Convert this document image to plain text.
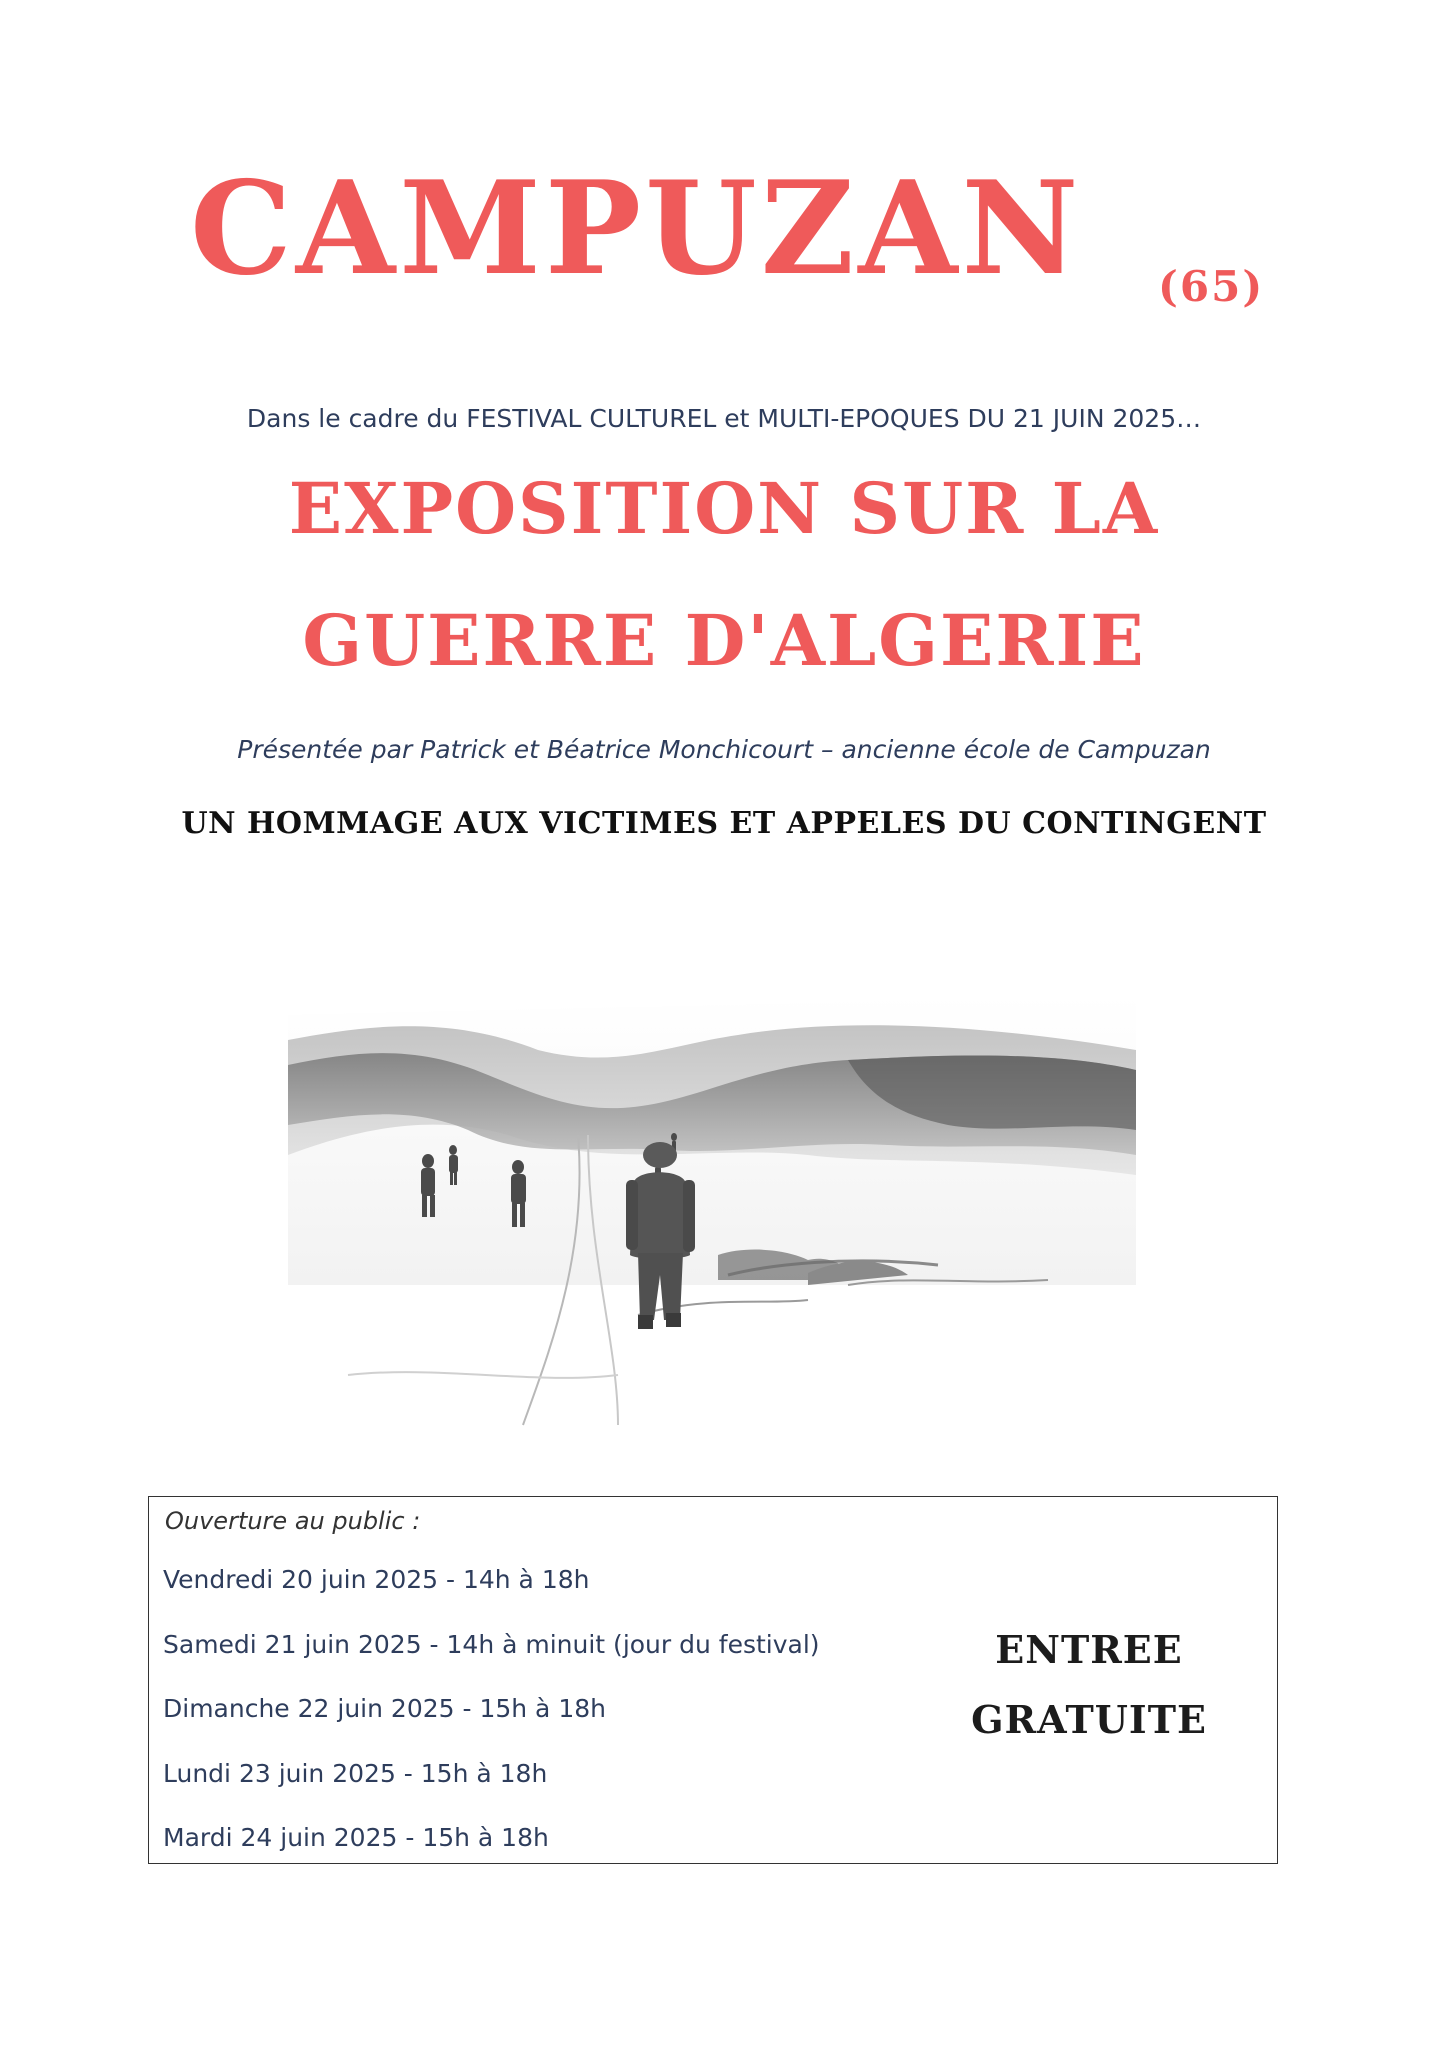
CAMPUZAN (65)
Dans le cadre du FESTIVAL CULTUREL et MULTI-EPOQUES DU 21 JUIN 2025…
EXPOSITION SUR LA
GUERRE D'ALGERIE
Présentée par Patrick et Béatrice Monchicourt – ancienne école de Campuzan
UN HOMMAGE AUX VICTIMES ET APPELES DU CONTINGENT
Ouverture au public :
Vendredi 20 juin 2025 - 14h à 18h
Samedi 21 juin 2025 - 14h à minuit (jour du festival)
Dimanche 22 juin 2025 - 15h à 18h
Lundi 23 juin 2025 - 15h à 18h
Mardi 24 juin 2025 - 15h à 18h
ENTREE
GRATUITE
